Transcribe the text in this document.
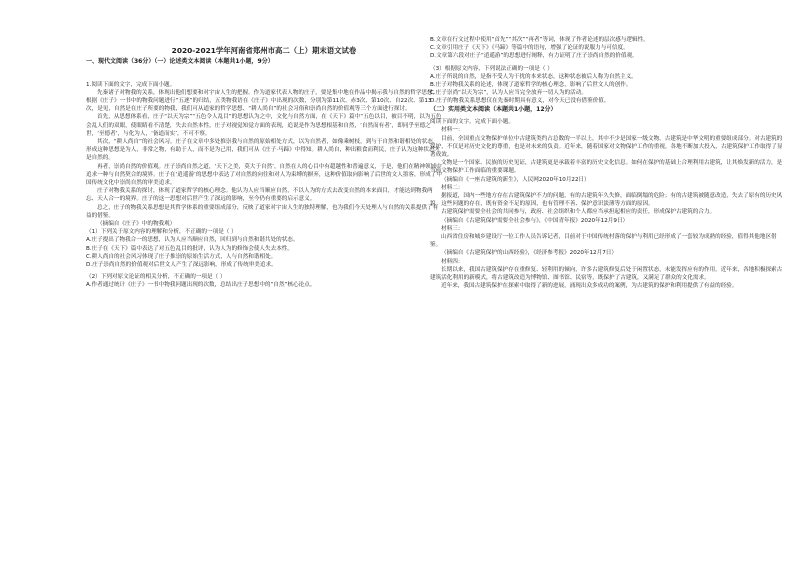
2020-2021学年河南省郑州市高二（上）期末语文试卷
一、现代文阅读（36分）（一）论述类文本阅读（本题共1小题，9分）

1.阅读下面的文字，完成下面小题。

先秦诸子对物我的关系，体现出他们想要和对宇宙人生的把握。作为道家代表人物的庄子，要是集中地在作品中揭示我与自然的哲学思想，根据《庄子》一书中的物我问题进行“五逐”的归结，五类物我语在《庄子》中出现的次数，分别为第11次、赤3次、第10次、自22次、第13次，是见，自然是在庄子所要的物我，我们可从道家的哲学思想、“耕人尚自”的社会习俗和崇尚自然的价值观等三个方面进行探讨。

首先，从思想体系看，庄子“以天为宗”“五色令人乱目”的思想认为之中，文化与自然方面，在《天下》篇中“五色以目，被目不明，以为五色会乱人们的双眼，使眼睛看不清楚，失去自然本性，庄子对视觉知觉方面的表现，追说是作为思想根基和自然，‘自然而有者’，即同乎至德之世，‘至德者’，与化为人，‘备道而实’，不可不察。

其次，“耕人尚自”的社会风习。庄子在文章中多处推崇我与自然的原始相处方式，以为自然者，如像乘树枝，到与于自然和谐相处的状态，形成这种思想是为人，非常之物，有助于人，而不是为己用，我们可从《庄子·马蹄》中得知。耕人尚自，种出粮食而利民，庄子认为这种状态才是自然的。

再者，崇尚自然的价值观。庄子崇尚自然之道，‘天下之美，莫大于自然’，自然在人的心目中有超越性和普遍意义，于是，他们在精神领域中追求一种与自然契合的境界。庄子在‘逍遥游’的思想中表达了对自然的向往和对人为束缚的摒弃，这种价值取向影响了后世的文人墨客，形成了中国传统文化中崇尚自然的审美追求。

庄子对物我关系的探讨，体现了道家哲学的核心理念。他认为人应当顺应自然，不以人为的方式去改变自然的本来面目，才能达到物我两忘、天人合一的境界。庄子的这一思想对后世产生了深远的影响，至今仍有重要的启示意义。

总之，庄子的物我关系思想是其哲学体系的重要组成部分，反映了道家对宇宙人生的独特理解，也为我们今天处理人与自然的关系提供了有益的借鉴。

（摘编自《庄子》中的物我观）

（1）下列关于原文内容的理解和分析，不正确的一项是（ ）
A.庄子提出了物我合一的思想，认为人应当顺应自然，回归到与自然和谐共处的状态。
B.庄子在《天下》篇中表达了对五色乱目的批评，认为人为的修饰会使人失去本性。
C.耕人尚自的社会风习体现了庄子推崇的原始生活方式，人与自然和谐相处。
D.庄子崇尚自然的价值观对后世文人产生了深远影响，形成了传统审美追求。
（2）下列对原文论证的相关分析，不正确的一项是（ ）
A.作者通过统计《庄子》一书中物我问题出现的次数，总结出庄子思想中的“自然”核心论点。
B.文章在行文过程中使用“首先”“其次”“再者”等词，体现了作者论述的层次感与逻辑性。
C.文章引用庄子《天下》《马蹄》等篇中的语句，增强了论证的说服力与可信度。
D.文章第六段对庄子“逍遥游”的思想进行阐释，有力证明了庄子崇尚自然的价值观。
（3）根据原文内容，下列说法正确的一项是（ ）
A.庄子所说的自然，是指不受人为干扰的本来状态，这种状态被后人称为自然主义。
B.庄子对物我关系的论述，体现了道家哲学的核心理念，影响了后世文人的创作。
C.庄子崇尚“以天为宗”，认为人应当完全放弃一切人为的活动。
D.庄子的物我关系思想仅在先秦时期具有意义，对今天已没有借鉴价值。
（二）实用类文本阅读（本题共1小题，12分）

阅读下面的文字，完成下面小题。

材料一：

目前，全国重点文物保护单位中古建筑类约占总数的一半以上，其中不少是国家一级文物，古建筑是中华文明的重要组成部分。对古建筑的保护，不仅是对历史文化的尊重，也是对未来的负责。近年来，随着国家对文物保护工作的重视，各地不断加大投入，古建筑保护工作取得了显著成效。

文物是一个国家、民族的历史见证，古建筑更是承载着丰富的历史文化信息。如何在保护的基础上合理利用古建筑，让其焕发新的活力，是当前文物保护工作面临的重要课题。

（摘编自《一座古建筑的新生》，人民网2020年10月22日）

材料二：

据报道，国内一些地方存在古建筑保护不力的问题，有的古建筑年久失修，面临倒塌的危险；有的古建筑被随意改造，失去了原有的历史风貌。这些问题的存在，既有资金不足的原因，也有管理不善、保护意识淡薄等方面的原因。

古建筑保护需要全社会的共同参与，政府、社会组织和个人都应当承担起相应的责任，形成保护古建筑的合力。

（摘编自《古建筑保护需要全社会参与》，《中国青年报》2020年12月9日）

材料三：

山西省住房和城乡建设厅一位工作人员告诉记者，目前对于中国传统村落的保护与利用已经形成了一套较为成熟的经验，值得其他地区借鉴。

（摘编自《古建筑保护的山西经验》，《经济参考报》2020年12月7日）

材料四：

长期以来，我国古建筑保护存在重修复、轻利用的倾向，许多古建筑修复后处于闲置状态，未能发挥应有的作用。近年来，各地积极探索古建筑活化利用的新模式，将古建筑改造为博物馆、图书馆、民宿等，既保护了古建筑，又满足了群众的文化需求。

近年来，我国古建筑保护在探索中取得了新的进展，涌现出众多成功的案例，为古建筑的保护和利用提供了有益的经验。
